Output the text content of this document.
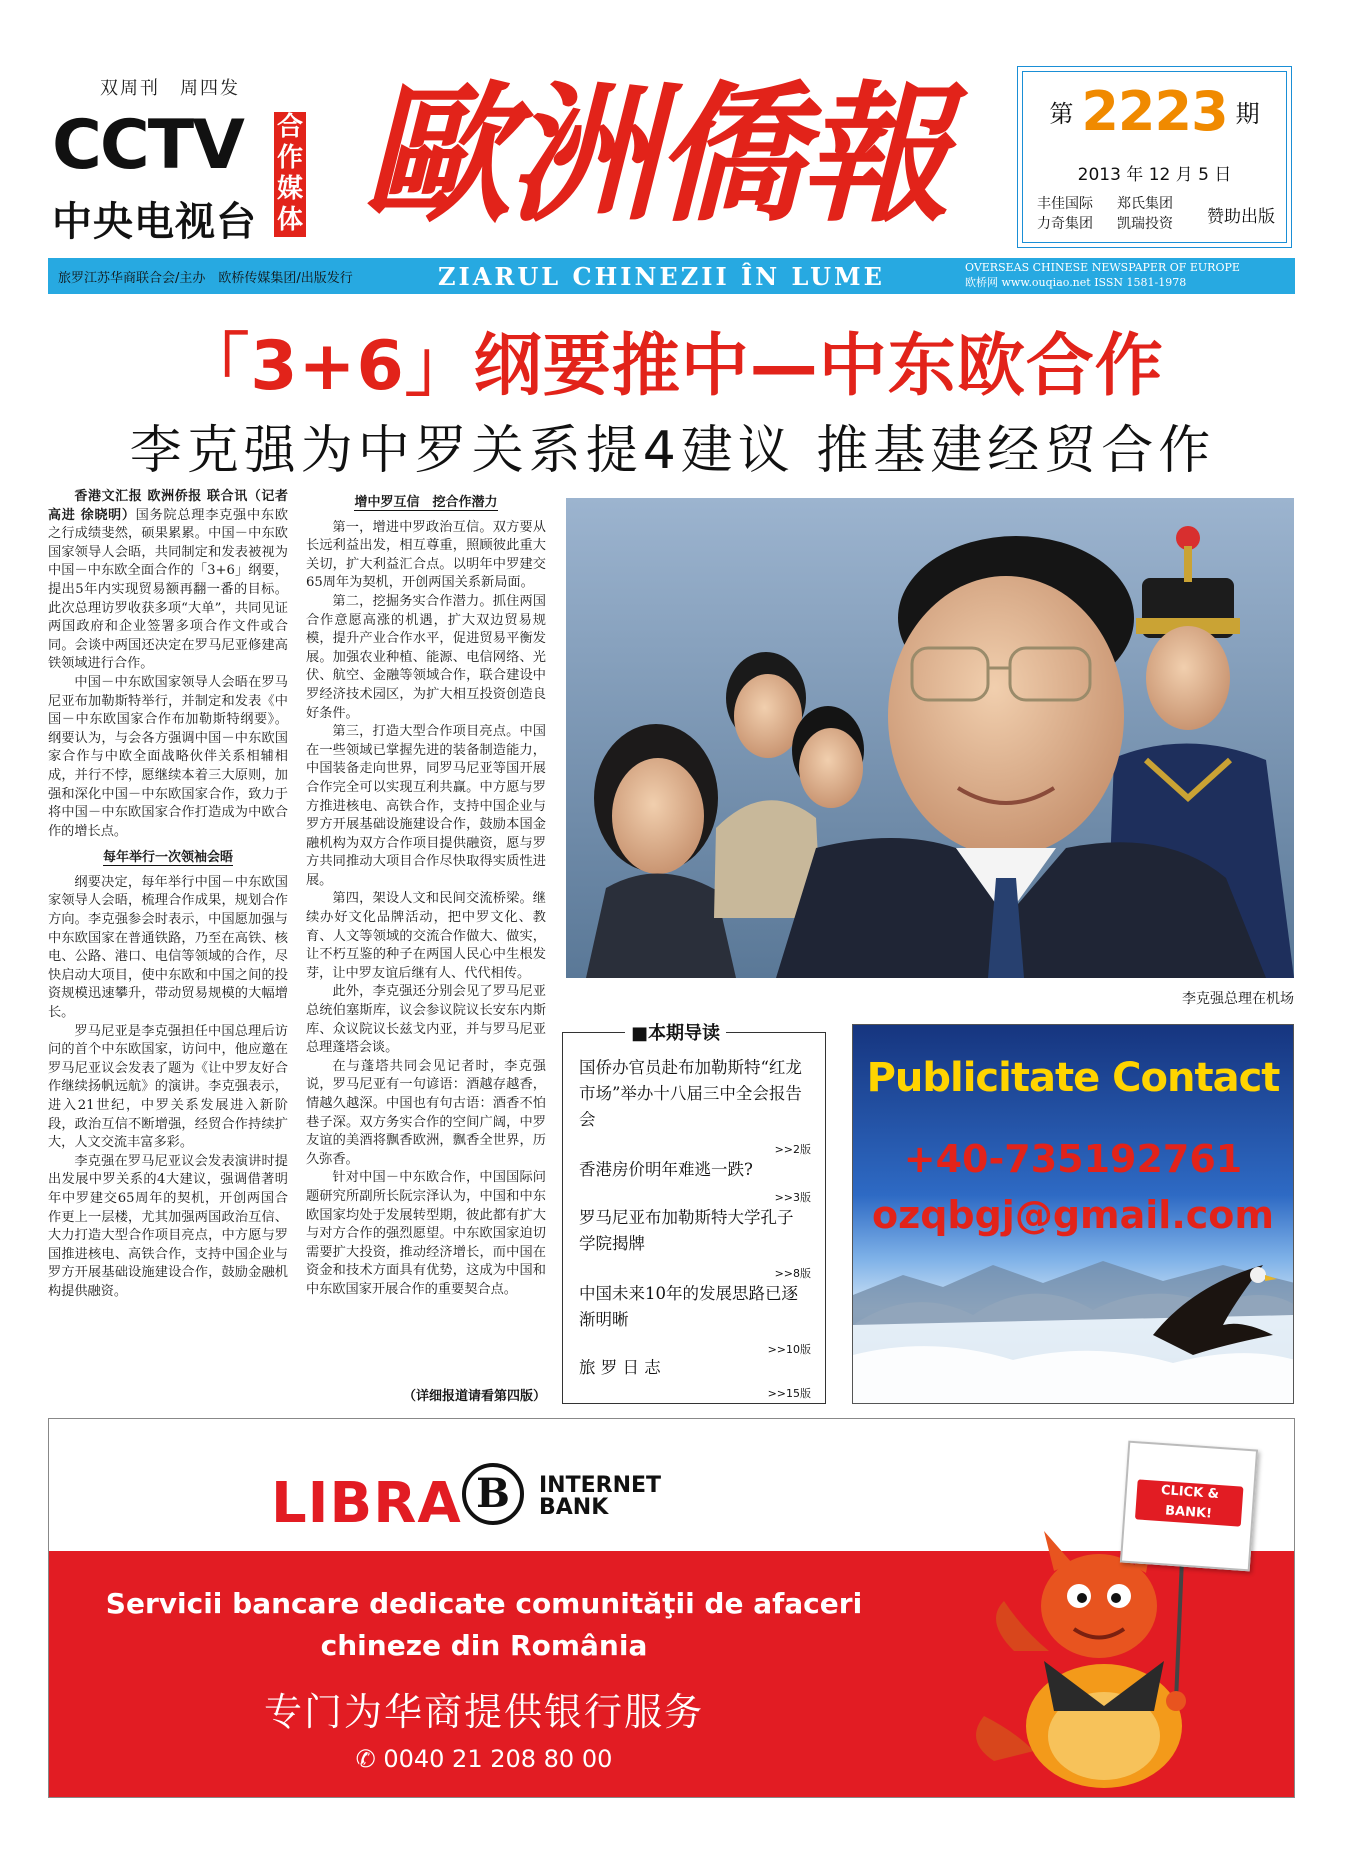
双周刊　周四发
CCTV
中央电视台
合作媒体 歐洲僑報	第 2223 期
2013 年 12 月 5 日
丰佳国际 郑氏集团力奇集团 凯瑞投资	赞助出版
旅罗江苏华商联合会/主办　欧桥传媒集团/出版发行	ZIARUL CHINEZII ÎN LUME	OVERSEAS CHINESE NEWSPAPER OF EUROPE
欧桥网 www.ouqiao.net ISSN 1581-1978
「3+6」纲要推中—中东欧合作
李克强为中罗关系提4建议 推基建经贸合作

香港文汇报 欧洲侨报 联合讯（记者 高进 徐晓明）国务院总理李克强中东欧之行成绩斐然，硕果累累。中国－中东欧国家领导人会晤，共同制定和发表被视为中国－中东欧全面合作的「3+6」纲要，提出5年内实现贸易额再翻一番的目标。此次总理访罗收获多项“大单”，共同见证两国政府和企业签署多项合作文件或合同。会谈中两国还决定在罗马尼亚修建高铁领域进行合作。

中国－中东欧国家领导人会晤在罗马尼亚布加勒斯特举行，并制定和发表《中国－中东欧国家合作布加勒斯特纲要》。纲要认为，与会各方强调中国－中东欧国家合作与中欧全面战略伙伴关系相辅相成，并行不悖，愿继续本着三大原则，加强和深化中国－中东欧国家合作，致力于将中国－中东欧国家合作打造成为中欧合作的增长点。

每年举行一次领袖会晤

纲要决定，每年举行中国－中东欧国家领导人会晤，梳理合作成果，规划合作方向。李克强参会时表示，中国愿加强与中东欧国家在普通铁路，乃至在高铁、核电、公路、港口、电信等领域的合作，尽快启动大项目，使中东欧和中国之间的投资规模迅速攀升，带动贸易规模的大幅增长。

罗马尼亚是李克强担任中国总理后访问的首个中东欧国家，访问中，他应邀在罗马尼亚议会发表了题为《让中罗友好合作继续扬帆远航》的演讲。李克强表示，进入21世纪，中罗关系发展进入新阶段，政治互信不断增强，经贸合作持续扩大，人文交流丰富多彩。

李克强在罗马尼亚议会发表演讲时提出发展中罗关系的4大建议，强调借著明年中罗建交65周年的契机，开创两国合作更上一层楼，尤其加强两国政治互信、大力打造大型合作项目亮点，中方愿与罗国推进核电、高铁合作，支持中国企业与罗方开展基础设施建设合作，鼓励金融机构提供融资。

增中罗互信　挖合作潜力

第一，增进中罗政治互信。双方要从长远利益出发，相互尊重，照顾彼此重大关切，扩大利益汇合点。以明年中罗建交65周年为契机，开创两国关系新局面。

第二，挖掘务实合作潜力。抓住两国合作意愿高涨的机遇，扩大双边贸易规模，提升产业合作水平，促进贸易平衡发展。加强农业种植、能源、电信网络、光伏、航空、金融等领域合作，联合建设中罗经济技术园区，为扩大相互投资创造良好条件。

第三，打造大型合作项目亮点。中国在一些领域已掌握先进的装备制造能力，中国装备走向世界，同罗马尼亚等国开展合作完全可以实现互利共赢。中方愿与罗方推进核电、高铁合作，支持中国企业与罗方开展基础设施建设合作，鼓励本国金融机构为双方合作项目提供融资，愿与罗方共同推动大项目合作尽快取得实质性进展。

第四，架设人文和民间交流桥梁。继续办好文化品牌活动，把中罗文化、教育、人文等领域的交流合作做大、做实，让不朽互鉴的种子在两国人民心中生根发芽，让中罗友谊后继有人、代代相传。

此外，李克强还分别会见了罗马尼亚总统伯塞斯库，议会参议院议长安东内斯库、众议院议长兹戈内亚，并与罗马尼亚总理蓬塔会谈。

在与蓬塔共同会见记者时，李克强说，罗马尼亚有一句谚语：酒越存越香，情越久越深。中国也有句古语：酒香不怕巷子深。双方务实合作的空间广阔，中罗友谊的美酒将飘香欧洲，飘香全世界，历久弥香。

针对中国－中东欧合作，中国国际问题研究所副所长阮宗泽认为，中国和中东欧国家均处于发展转型期，彼此都有扩大与对方合作的强烈愿望。中东欧国家迫切需要扩大投资，推动经济增长，而中国在资金和技术方面具有优势，这成为中国和中东欧国家开展合作的重要契合点。

（详细报道请看第四版）
李克强总理在机场
■本期导读
国侨办官员赴布加勒斯特“红龙市场”举办十八届三中全会报告会
>>2版
香港房价明年难逃一跌?
>>3版
罗马尼亚布加勒斯特大学孔子学院揭牌
>>8版
中国未来10年的发展思路已逐渐明晰
>>10版
旅 罗 日 志
>>15版
Publicitate Contact
+40-735192761
ozqbgj@gmail.com
LIBRA B	INTERNET
BANK
Servicii bancare dedicate comunităţii de afaceri
chineze din România
专门为华商提供银行服务
✆ 0040 21 208 80 00
CLICK & BANK!
www.librabank.ro
